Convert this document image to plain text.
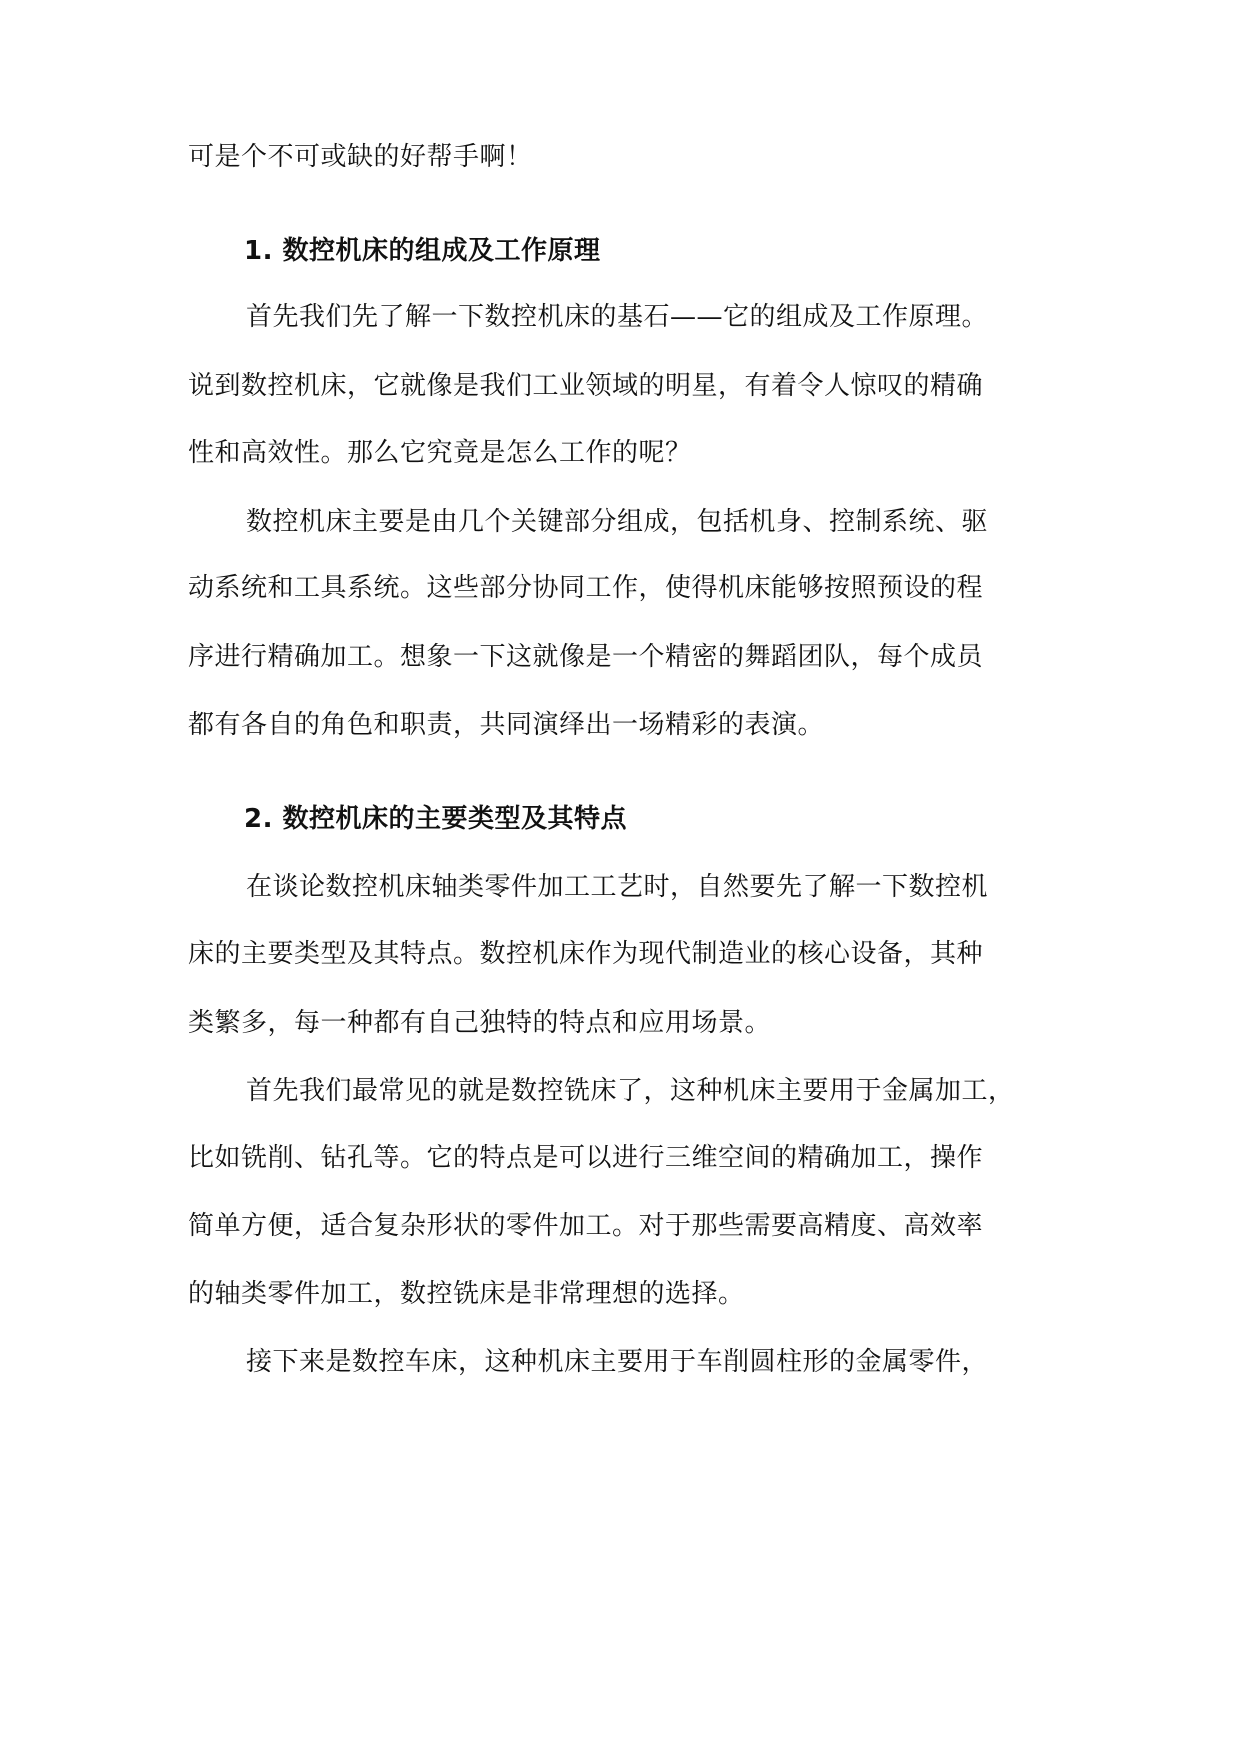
可是个不可或缺的好帮手啊！

1. 数控机床的组成及工作原理

首先我们先了解一下数控机床的基石——它的组成及工作原理。

说到数控机床，它就像是我们工业领域的明星，有着令人惊叹的精确

性和高效性。那么它究竟是怎么工作的呢？

数控机床主要是由几个关键部分组成，包括机身、控制系统、驱

动系统和工具系统。这些部分协同工作，使得机床能够按照预设的程

序进行精确加工。想象一下这就像是一个精密的舞蹈团队，每个成员

都有各自的角色和职责，共同演绎出一场精彩的表演。

2. 数控机床的主要类型及其特点

在谈论数控机床轴类零件加工工艺时，自然要先了解一下数控机

床的主要类型及其特点。数控机床作为现代制造业的核心设备，其种

类繁多，每一种都有自己独特的特点和应用场景。

首先我们最常见的就是数控铣床了，这种机床主要用于金属加工，

比如铣削、钻孔等。它的特点是可以进行三维空间的精确加工，操作

简单方便，适合复杂形状的零件加工。对于那些需要高精度、高效率

的轴类零件加工，数控铣床是非常理想的选择。

接下来是数控车床，这种机床主要用于车削圆柱形的金属零件，
